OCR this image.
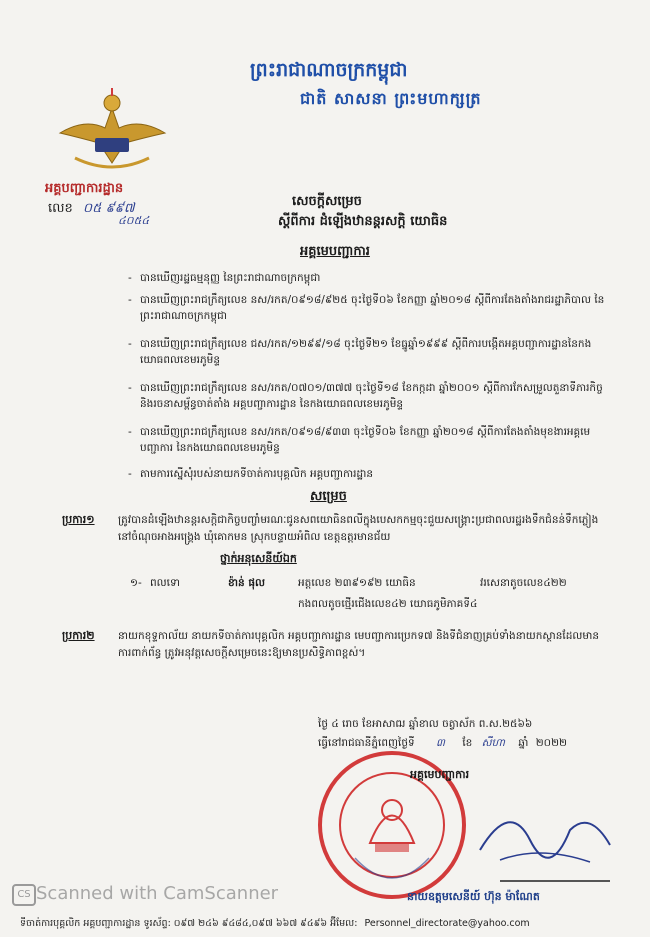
ព្រះរាជាណាចក្រកម្ពុជា
ជាតិ សាសនា ព្រះមហាក្សត្រ
អគ្គបញ្ជាការដ្ឋាន
លេខ ០៥ ៩៩៧
៤០៥៤
សេចក្តីសម្រេច
ស្តីពីការ ដំឡើងឋានន្តរសក្តិ យោធិន
អគ្គមេបញ្ជាការ
- បានឃើញរដ្ឋធម្មនុញ្ញ នៃព្រះរាជាណាចក្រកម្ពុជា
- បានឃើញព្រះរាជក្រឹត្យលេខ នស/រកត/០៩១៨/៩២៥ ចុះថ្ងៃទី០៦ ខែកញ្ញា ឆ្នាំ២០១៨ ស្តីពីការតែងតាំងរាជរដ្ឋាភិបាល នៃព្រះរាជាណាចក្រកម្ពុជា
- បានឃើញព្រះរាជក្រឹត្យលេខ ជស/រកត/១២៩៩/១៨ ចុះថ្ងៃទី២១ ខែធ្នូឆ្នាំ១៩៩៩ ស្តីពីការបង្កើតអគ្គបញ្ជាការដ្ឋាននៃកងយោធពលខេមរភូមិន្ទ
- បានឃើញព្រះរាជក្រឹត្យលេខ នស/រកត/០៧០១/៣៧៧ ចុះថ្ងៃទី១៨ ខែកក្កដា ឆ្នាំ២០០១ ស្តីពីការកែសម្រួលតួនាទីភារកិច្ចនិងរចនាសម្ព័ន្ធចាត់តាំង អគ្គបញ្ជាការដ្ឋាន នៃកងយោធពលខេមរភូមិន្ទ
- បានឃើញព្រះរាជក្រឹត្យលេខ នស/រកត/០៩១៨/៩៣៣ ចុះថ្ងៃទី០៦ ខែកញ្ញា ឆ្នាំ២០១៨ ស្តីពីការតែងតាំងមុខងារអគ្គមេបញ្ជាការ នៃកងយោធពលខេមរភូមិន្ទ
- តាមការស្នើសុំរបស់នាយកទីចាត់ការបុគ្គលិក អគ្គបញ្ជាការដ្ឋាន
សម្រេច
ប្រការ១ ត្រូវបានដំឡើងឋានន្តរសក្តិជាកិច្ចបញ្ចាំមរណៈជូនសពយោធិនពលីក្នុងបេសកកម្មចុះជួយសង្គ្រោះប្រជាពលរដ្ឋរងទឹកជំនន់ទឹកភ្លៀងនៅចំណុចអាងអង្គ្រេង ឃុំគោកមន ស្រុកបន្ទាយអំពិល ខេត្តឧត្តរមានជ័យ
ថ្នាក់អនុសេនីយ៍ឯក
១- ពលទោ	ខ៉ាន់ ផុល	អត្តលេខ ២៣៩១៩២ យោធិន	វរសេនាតូចលេខ៤២២
កងពលតូចថ្មើរជើងលេខ៤២ យោធភូមិភាគទី៤
ប្រការ២ នាយកខុទ្ទកាល័យ នាយកទីចាត់ការបុគ្គលិក អគ្គបញ្ជាការដ្ឋាន មេបញ្ជាការប្រេកទ៧ និងទីជំនាញគ្រប់ទាំងនាយកស្ថានដែលមានការពាក់ព័ន្ធ ត្រូវអនុវត្តសេចក្តីសម្រេចនេះឱ្យមានប្រសិទ្ធិភាពខ្ពស់។
ថ្ងៃ ៤ រោច ខែអាសាឍ ឆ្នាំខាល ចត្វាស័ក ព.ស.២៥៦៦
ធ្វើនៅរាជធានីភ្នំពេញថ្ងៃទី ៣ ខែ សីហា ឆ្នាំ ២០២២
អគ្គមេបញ្ជាការ
នាយឧត្តមសេនីយ៍ ហ៊ុន ម៉ាណែត
CS Scanned with CamScanner
ទីចាត់ការបុគ្គលិក អគ្គបញ្ជាការដ្ឋាន ទូរស័ព្ទ: ០៩៧ ២៤៦ ៩៤៨៤,០៩៧ ៦៦៧ ៩៤៩៦ អ៊ីមែល: Personnel_directorate@yahoo.com
